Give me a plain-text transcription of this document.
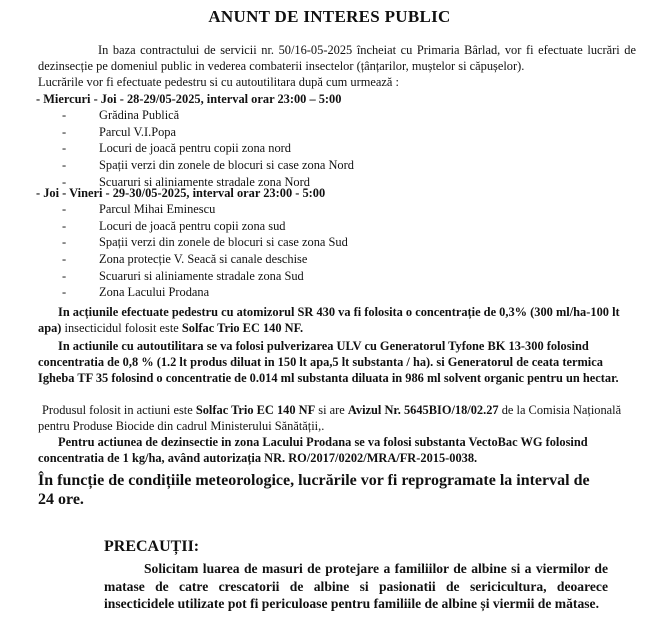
ANUNT DE INTERES PUBLIC

In baza contractului de servicii nr. 50/16-05-2025 încheiat cu Primaria Bârlad, vor fi efectuate lucrări de dezinsecție pe domeniul public in vederea combaterii insectelor (țânțarilor, muștelor si căpușelor).

Lucrările vor fi efectuate pedestru si cu autoutilitara după cum urmează :

- Miercuri - Joi - 28-29/05-2025, interval orar 23:00 – 5:00
-	Grădina Publică
-	Parcul V.I.Popa
-	Locuri de joacă pentru copii zona nord
-	Spații verzi din zonele de blocuri si case zona Nord
-	Scuaruri si aliniamente stradale zona Nord
- Joi - Vineri - 29-30/05-2025, interval orar 23:00 - 5:00
-	Parcul Mihai Eminescu
-	Locuri de joacă pentru copii zona sud
-	Spații verzi din zonele de blocuri si case zona Sud
-	Zona protecție V. Seacă si canale deschise
-	Scuaruri si aliniamente stradale zona Sud
-	Zona Lacului Prodana

In acțiunile efectuate pedestru cu atomizorul SR 430 va fi folosita o concentrație de 0,3% (300 ml/ha-100 lt apa) insecticidul folosit este Solfac Trio EC 140 NF.

In actiunile cu autoutilitara se va folosi pulverizarea ULV cu Generatorul Tyfone BK 13-300 folosind concentratia de 0,8 % (1.2 lt produs diluat in 150 lt apa,5 lt substanta / ha). si Generatorul de ceata termica Igheba TF 35 folosind o concentratie de 0.014 ml substanta diluata in 986 ml solvent organic pentru un hectar.

Produsul folosit in actiuni este Solfac Trio EC 140 NF si are Avizul Nr. 5645BIO/18/02.27 de la Comisia Națională pentru Produse Biocide din cadrul Ministerului Sănătății,.

Pentru actiunea de dezinsectie in zona Lacului Prodana se va folosi substanta VectoBac WG folosind concentratia de 1 kg/ha, având autorizația NR. RO/2017/0202/MRA/FR-2015-0038.

În funcție de condițiile meteorologice, lucrările vor fi reprogramate la interval de 24 ore.
PRECAUȚII:
Solicitam luarea de masuri de protejare a familiilor de albine si a viermilor de matase de catre crescatorii de albine si pasionatii de sericicultura, deoarece insecticidele utilizate pot fi periculoase pentru familiile de albine și viermii de mătase.
